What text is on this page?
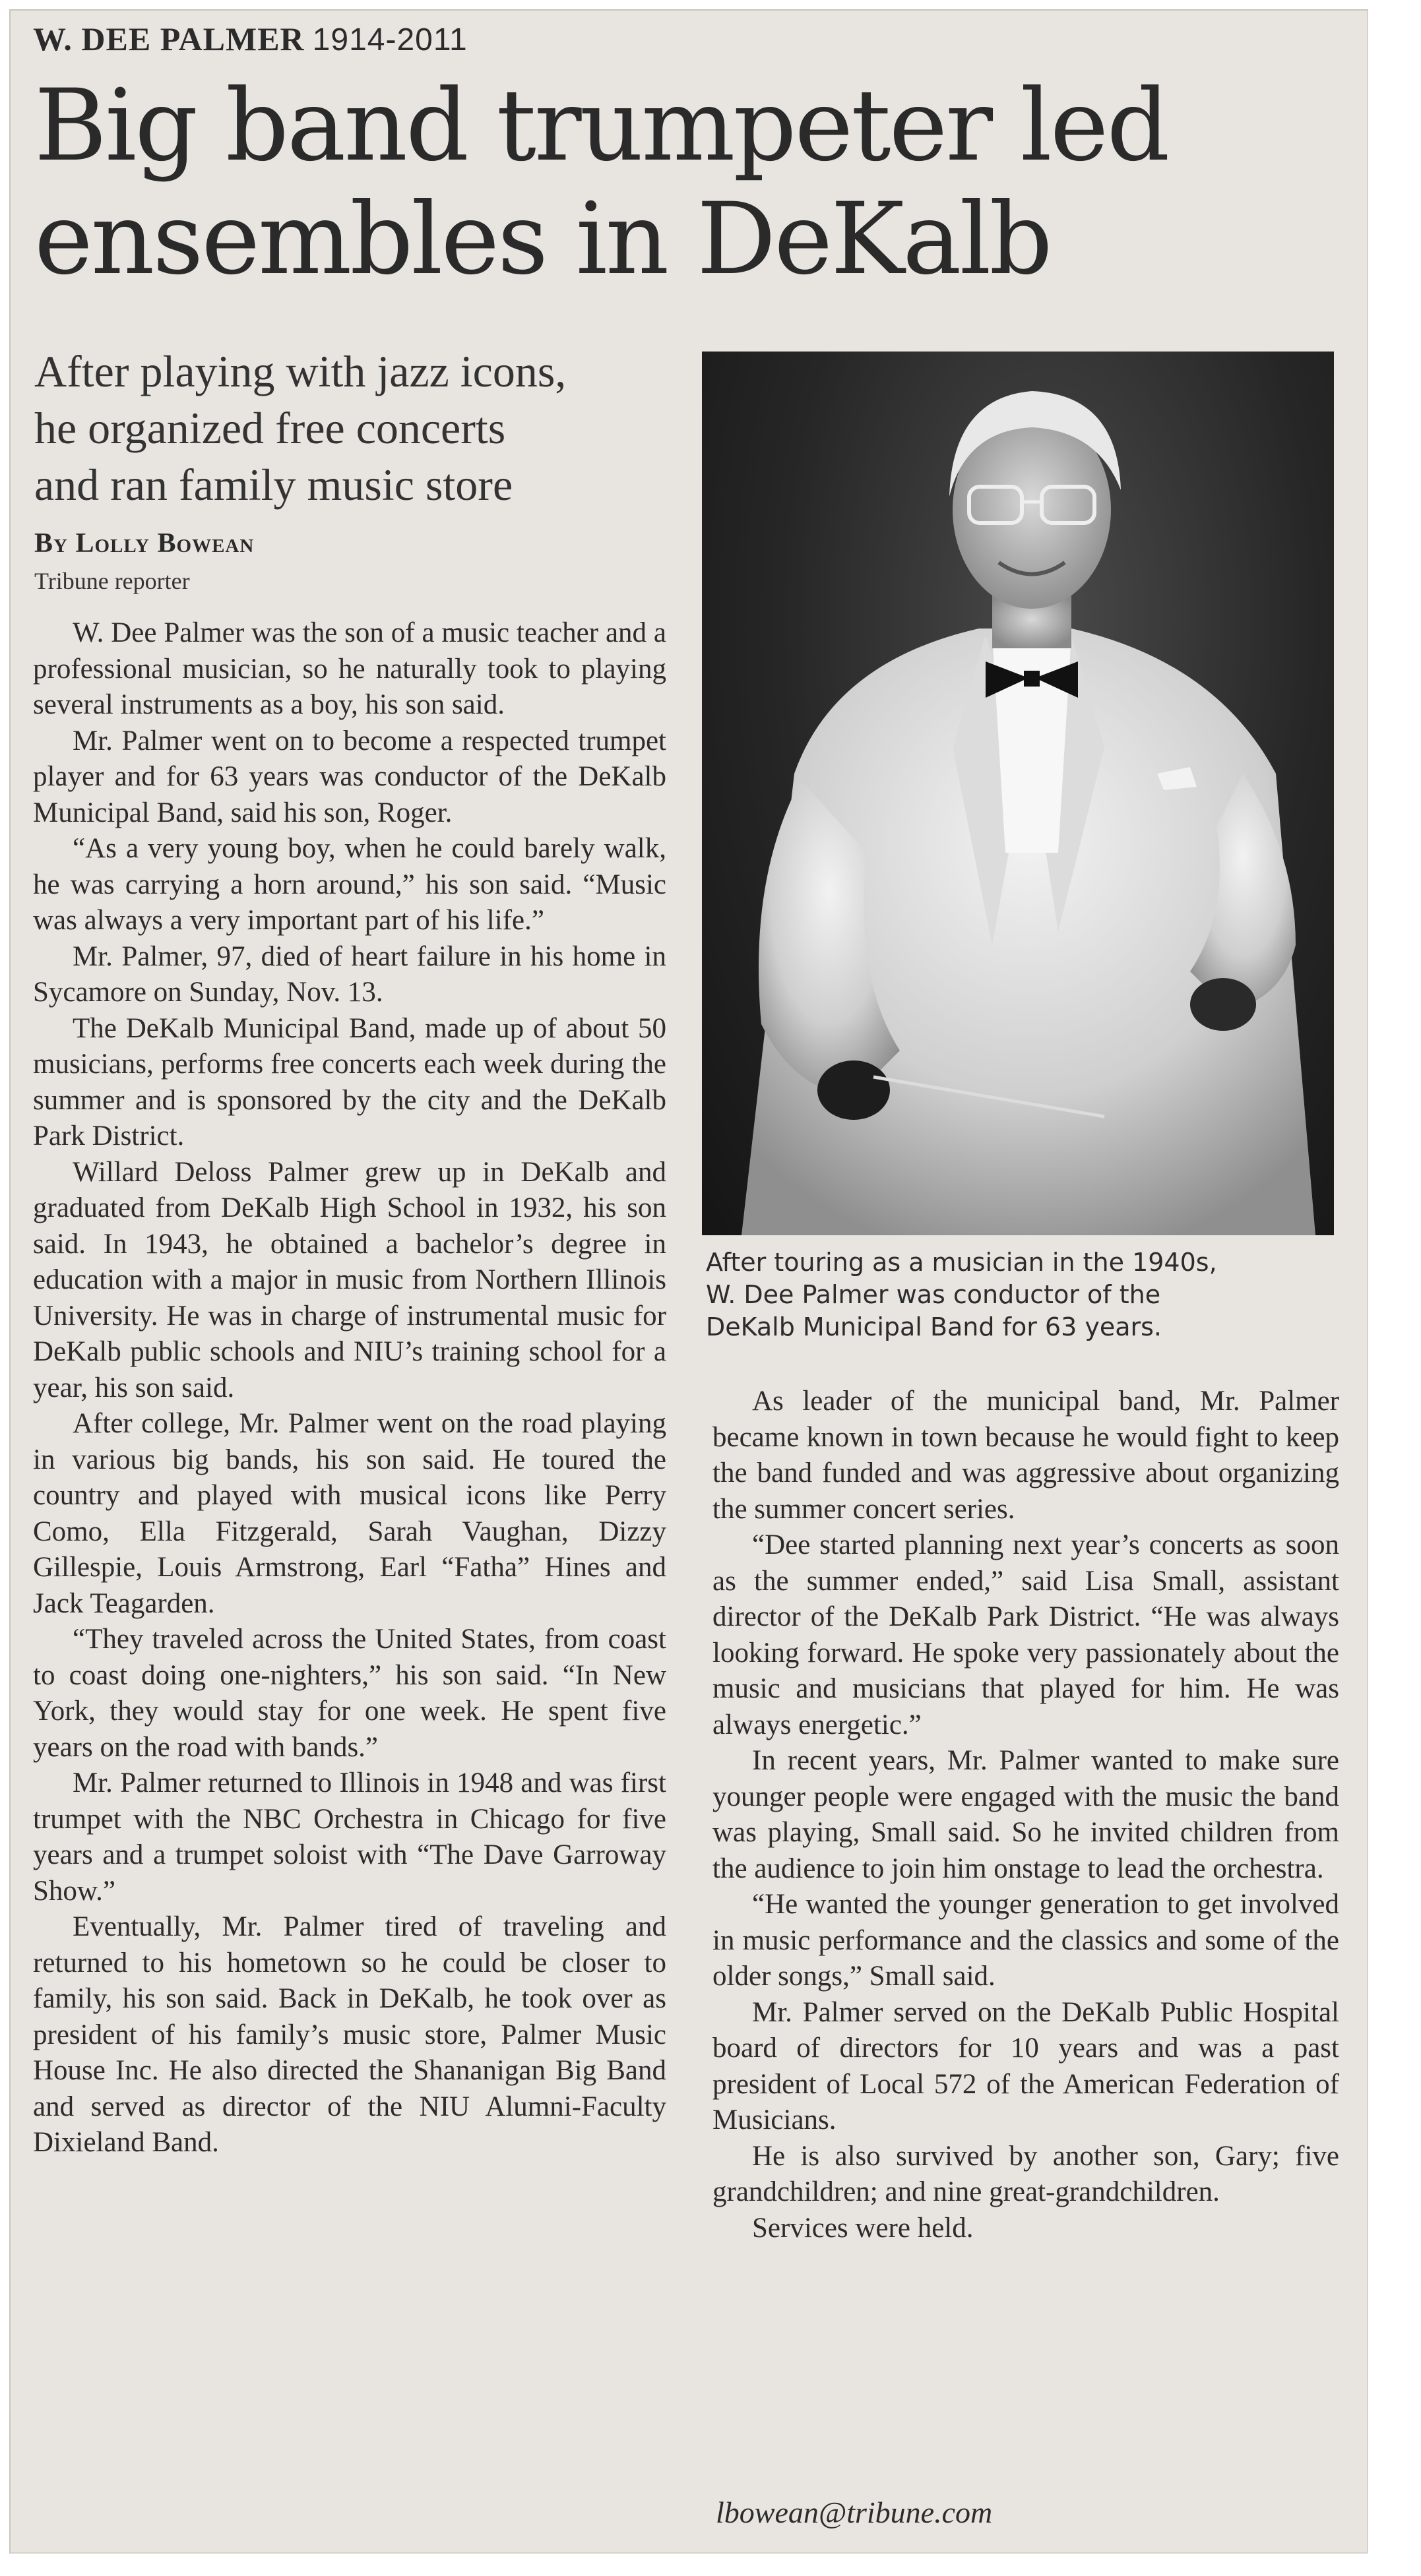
W. DEE PALMER 1914-2011
Big band trumpeter led
ensembles in DeKalb
After playing with jazz icons,
he organized free concerts
and ran family music store
By Lolly Bowean
Tribune reporter

W. Dee Palmer was the son of a music teacher and a professional musician, so he naturally took to playing several instruments as a boy, his son said.

Mr. Palmer went on to become a respected trumpet player and for 63 years was conductor of the DeKalb Municipal Band, said his son, Roger.

“As a very young boy, when he could barely walk, he was carrying a horn around,” his son said. “Music was always a very important part of his life.”

Mr. Palmer, 97, died of heart failure in his home in Sycamore on Sunday, Nov. 13.

The DeKalb Municipal Band, made up of about 50 musicians, performs free concerts each week during the summer and is sponsored by the city and the DeKalb Park District.

Willard Deloss Palmer grew up in DeKalb and graduated from DeKalb High School in 1932, his son said. In 1943, he obtained a bachelor’s degree in education with a major in music from Northern Illinois University. He was in charge of instrumental music for DeKalb public schools and NIU’s training school for a year, his son said.

After college, Mr. Palmer went on the road playing in various big bands, his son said. He toured the country and played with musical icons like Perry Como, Ella Fitzgerald, Sarah Vaughan, Dizzy Gillespie, Louis Armstrong, Earl “Fatha” Hines and Jack Teagarden.

“They traveled across the United States, from coast to coast doing one-nighters,” his son said. “In New York, they would stay for one week. He spent five years on the road with bands.”

Mr. Palmer returned to Illinois in 1948 and was first trumpet with the NBC Orchestra in Chicago for five years and a trumpet soloist with “The Dave Garroway Show.”

Eventually, Mr. Palmer tired of traveling and returned to his hometown so he could be closer to family, his son said. Back in DeKalb, he took over as president of his family’s music store, Palmer Music House Inc. He also directed the Shananigan Big Band and served as director of the NIU Alumni-Faculty Dixieland Band.

After touring as a musician in the 1940s,
W. Dee Palmer was conductor of the
DeKalb Municipal Band for 63 years.

As leader of the municipal band, Mr. Palmer became known in town because he would fight to keep the band funded and was aggressive about organizing the summer concert series.

“Dee started planning next year’s concerts as soon as the summer ended,” said Lisa Small, assistant director of the DeKalb Park District. “He was always looking forward. He spoke very passionately about the music and musicians that played for him. He was always energetic.”

In recent years, Mr. Palmer wanted to make sure younger people were engaged with the music the band was playing, Small said. So he invited children from the audience to join him onstage to lead the orchestra.

“He wanted the younger generation to get involved in music performance and the classics and some of the older songs,” Small said.

Mr. Palmer served on the DeKalb Public Hospital board of directors for 10 years and was a past president of Local 572 of the American Federation of Musicians.

He is also survived by another son, Gary; five grandchildren; and nine great-grandchildren.

Services were held.

lbowean@tribune.com
